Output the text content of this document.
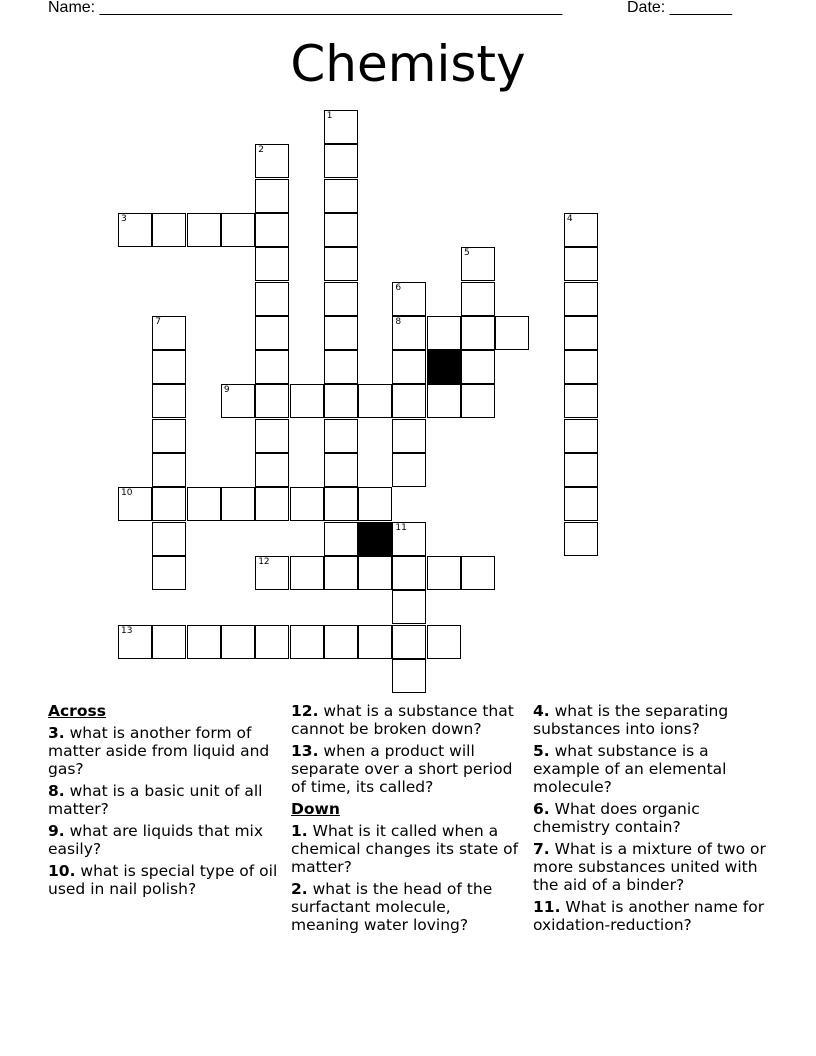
Name: ____________________________________________________	Date: _______
Chemisty
3
8
9
10
12
13
1
2
4
5
6
7
11
Across
3. what is another form of matter aside from liquid and gas?
8. what is a basic unit of all matter?
9. what are liquids that mix easily?
10. what is special type of oil used in nail polish?
12. what is a substance that cannot be broken down?
13. when a product will separate over a short period of time, its called?
Down
1. What is it called when a chemical changes its state of matter?
2. what is the head of the surfactant molecule, meaning water loving?
4. what is the separating substances into ions?
5. what substance is a example of an elemental molecule?
6. What does organic chemistry contain?
7. What is a mixture of two or more substances united with the aid of a binder?
11. What is another name for oxidation-reduction?
